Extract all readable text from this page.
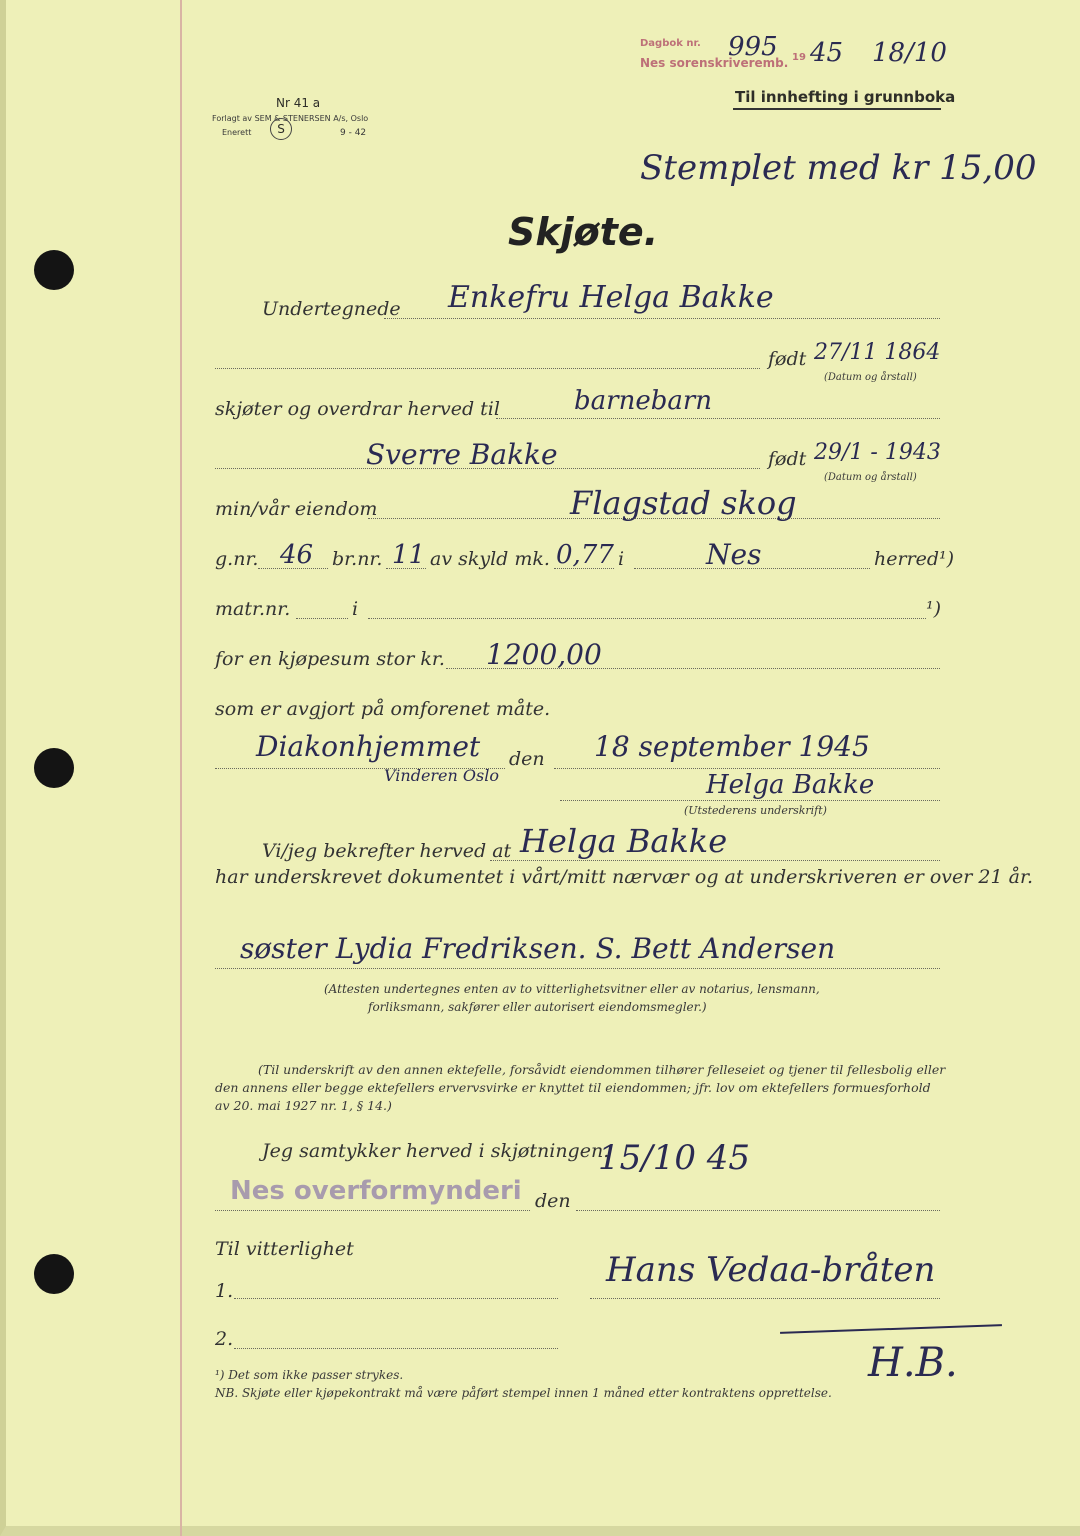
Nr 41 a
Forlagt av SEM & STENERSEN A/s, Oslo
Enerett	S	9 - 42
Dagbok nr.
19
Nes sorenskriveremb.
995 45 18/10
Til innhefting i grunnboka
Stemplet med kr 15,00
Skjøte.
Undertegnede Enkefru Helga Bakke
født 27/11 1864
(Datum og årstall)
skjøter og overdrar herved til	barnebarn
Sverre Bakke	født 29/1 - 1943
(Datum og årstall)
min/vår eiendom	Flagstad skog
g.nr. 46 br.nr. 11 av skyld mk. 0,77 i	Nes	herred¹)
matr.nr.	i	¹)
for en kjøpesum stor kr. 1200,00
som er avgjort på omforenet måte.
Diakonhjemmet
Vinderen Oslo
den 18 september 1945
Helga Bakke
(Utstederens underskrift)
Vi/jeg bekrefter herved at Helga Bakke
har underskrevet dokumentet i vårt/mitt nærvær og at underskriveren er over 21 år.
søster Lydia Fredriksen. S. Bett Andersen
(Attesten undertegnes enten av to vitterlighetsvitner eller av notarius, lensmann,
forliksmann, sakfører eller autorisert eiendomsmegler.)
(Til underskrift av den annen ektefelle, forsåvidt eiendommen tilhører felleseiet og tjener til fellesbolig eller
den annens eller begge ektefellers ervervsvirke er knyttet til eiendommen; jfr. lov om ektefellers formuesforhold
av 20. mai 1927 nr. 1, § 14.)
Jeg samtykker herved i skjøtningen.
15/10 45
Nes overformynderi den
Til vitterlighet
Hans Vedaa-bråten
1.
2.
H.B.
¹) Det som ikke passer strykes.
NB. Skjøte eller kjøpekontrakt må være påført stempel innen 1 måned etter kontraktens opprettelse.
